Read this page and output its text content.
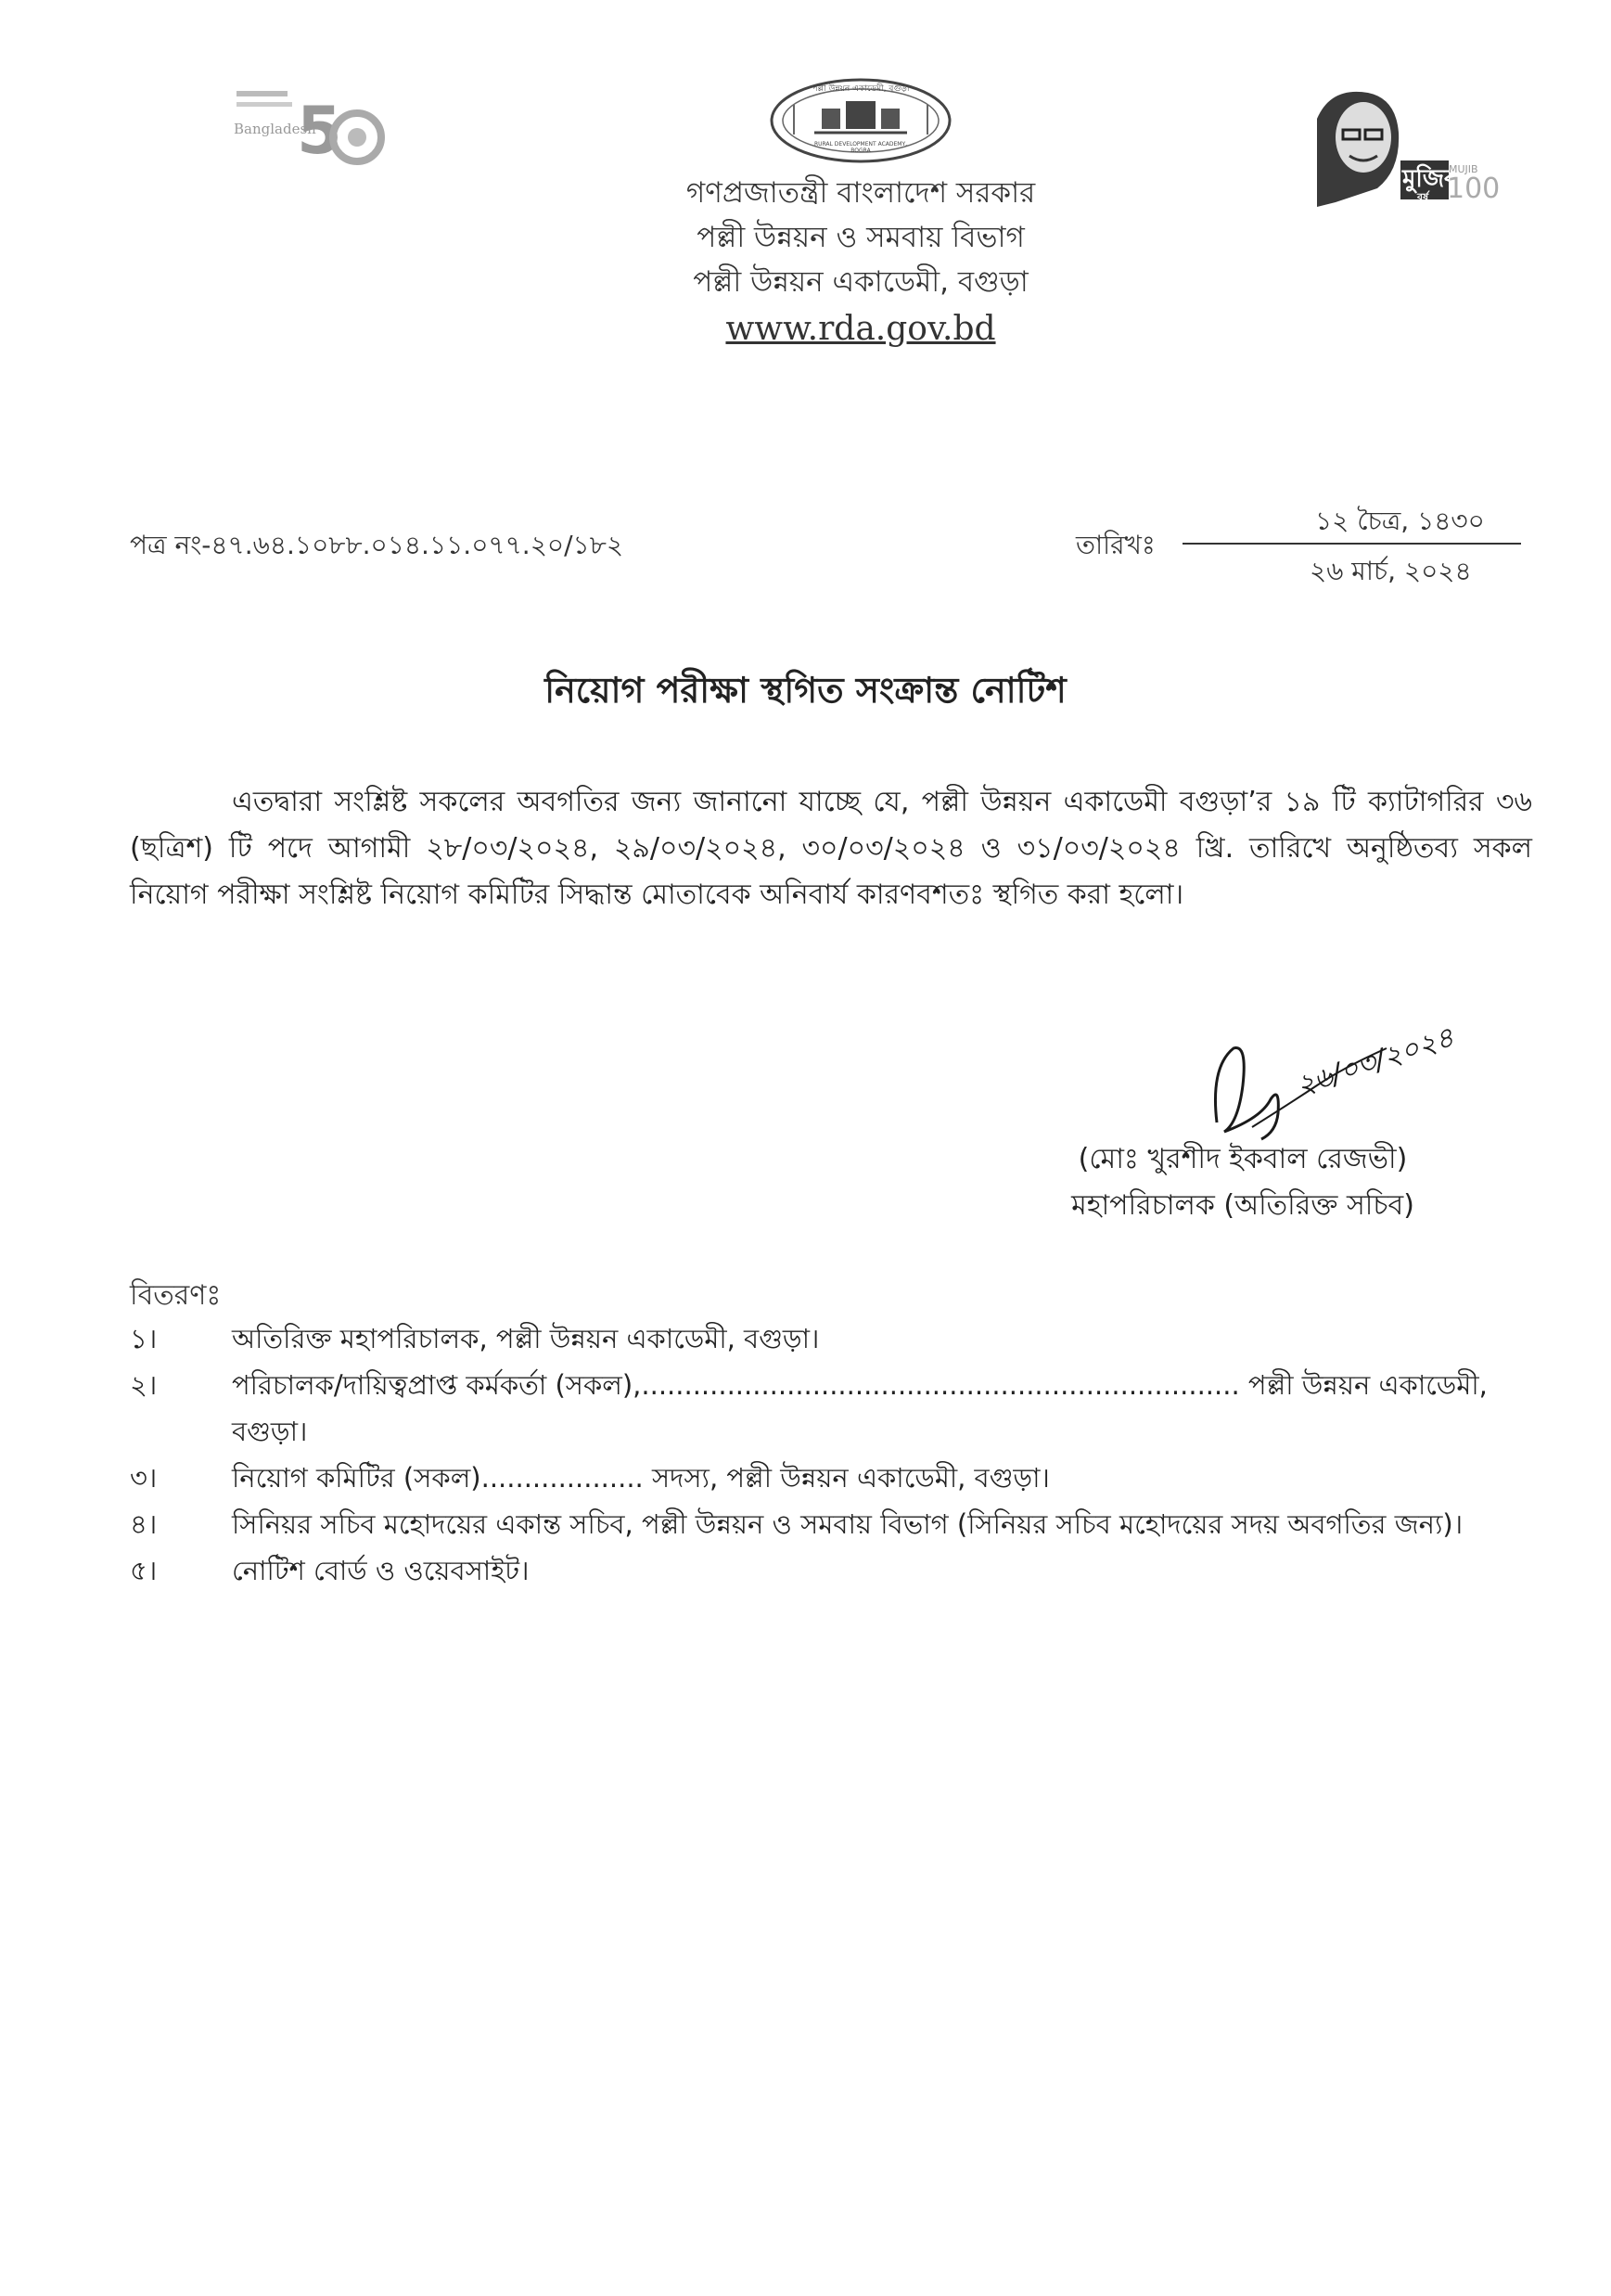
5
Bangladesh
পল্লী উন্নয়ন একাডেমী, বগুড়া
RURAL DEVELOPMENT ACADEMY, BOGRA
মুজিব
বর্ষ
MUJIB
100
50
গণপ্রজাতন্ত্রী বাংলাদেশ সরকার
পল্লী উন্নয়ন ও সমবায় বিভাগ
পল্লী উন্নয়ন একাডেমী, বগুড়া
www.rda.gov.bd
পত্র নং-৪৭.৬৪.১০৮৮.০১৪.১১.০৭৭.২০/১৮২	তারিখঃ
১২ চৈত্র, ১৪৩০
২৬ মার্চ, ২০২৪
নিয়োগ পরীক্ষা স্থগিত সংক্রান্ত নোটিশ
এতদ্বারা সংশ্লিষ্ট সকলের অবগতির জন্য জানানো যাচ্ছে যে, পল্লী উন্নয়ন একাডেমী বগুড়া’র ১৯ টি ক্যাটাগরির ৩৬ (ছত্রিশ) টি পদে আগামী ২৮/০৩/২০২৪, ২৯/০৩/২০২৪, ৩০/০৩/২০২৪ ও ৩১/০৩/২০২৪ খ্রি. তারিখে অনুষ্ঠিতব্য সকল নিয়োগ পরীক্ষা সংশ্লিষ্ট নিয়োগ কমিটির সিদ্ধান্ত মোতাবেক অনিবার্য কারণবশতঃ স্থগিত করা হলো।
২৬/০৩/২০২৪
(মোঃ খুরশীদ ইকবাল রেজভী)
মহাপরিচালক (অতিরিক্ত সচিব)
বিতরণঃ
১।	অতিরিক্ত মহাপরিচালক, পল্লী উন্নয়ন একাডেমী, বগুড়া।
২।	পরিচালক/দায়িত্বপ্রাপ্ত কর্মকর্তা (সকল),...................................................................... পল্লী উন্নয়ন একাডেমী, বগুড়া।
৩।	নিয়োগ কমিটির (সকল)................... সদস্য, পল্লী উন্নয়ন একাডেমী, বগুড়া।
৪।	সিনিয়র সচিব মহোদয়ের একান্ত সচিব, পল্লী উন্নয়ন ও সমবায় বিভাগ (সিনিয়র সচিব মহোদয়ের সদয় অবগতির জন্য)।
৫।	নোটিশ বোর্ড ও ওয়েবসাইট।
